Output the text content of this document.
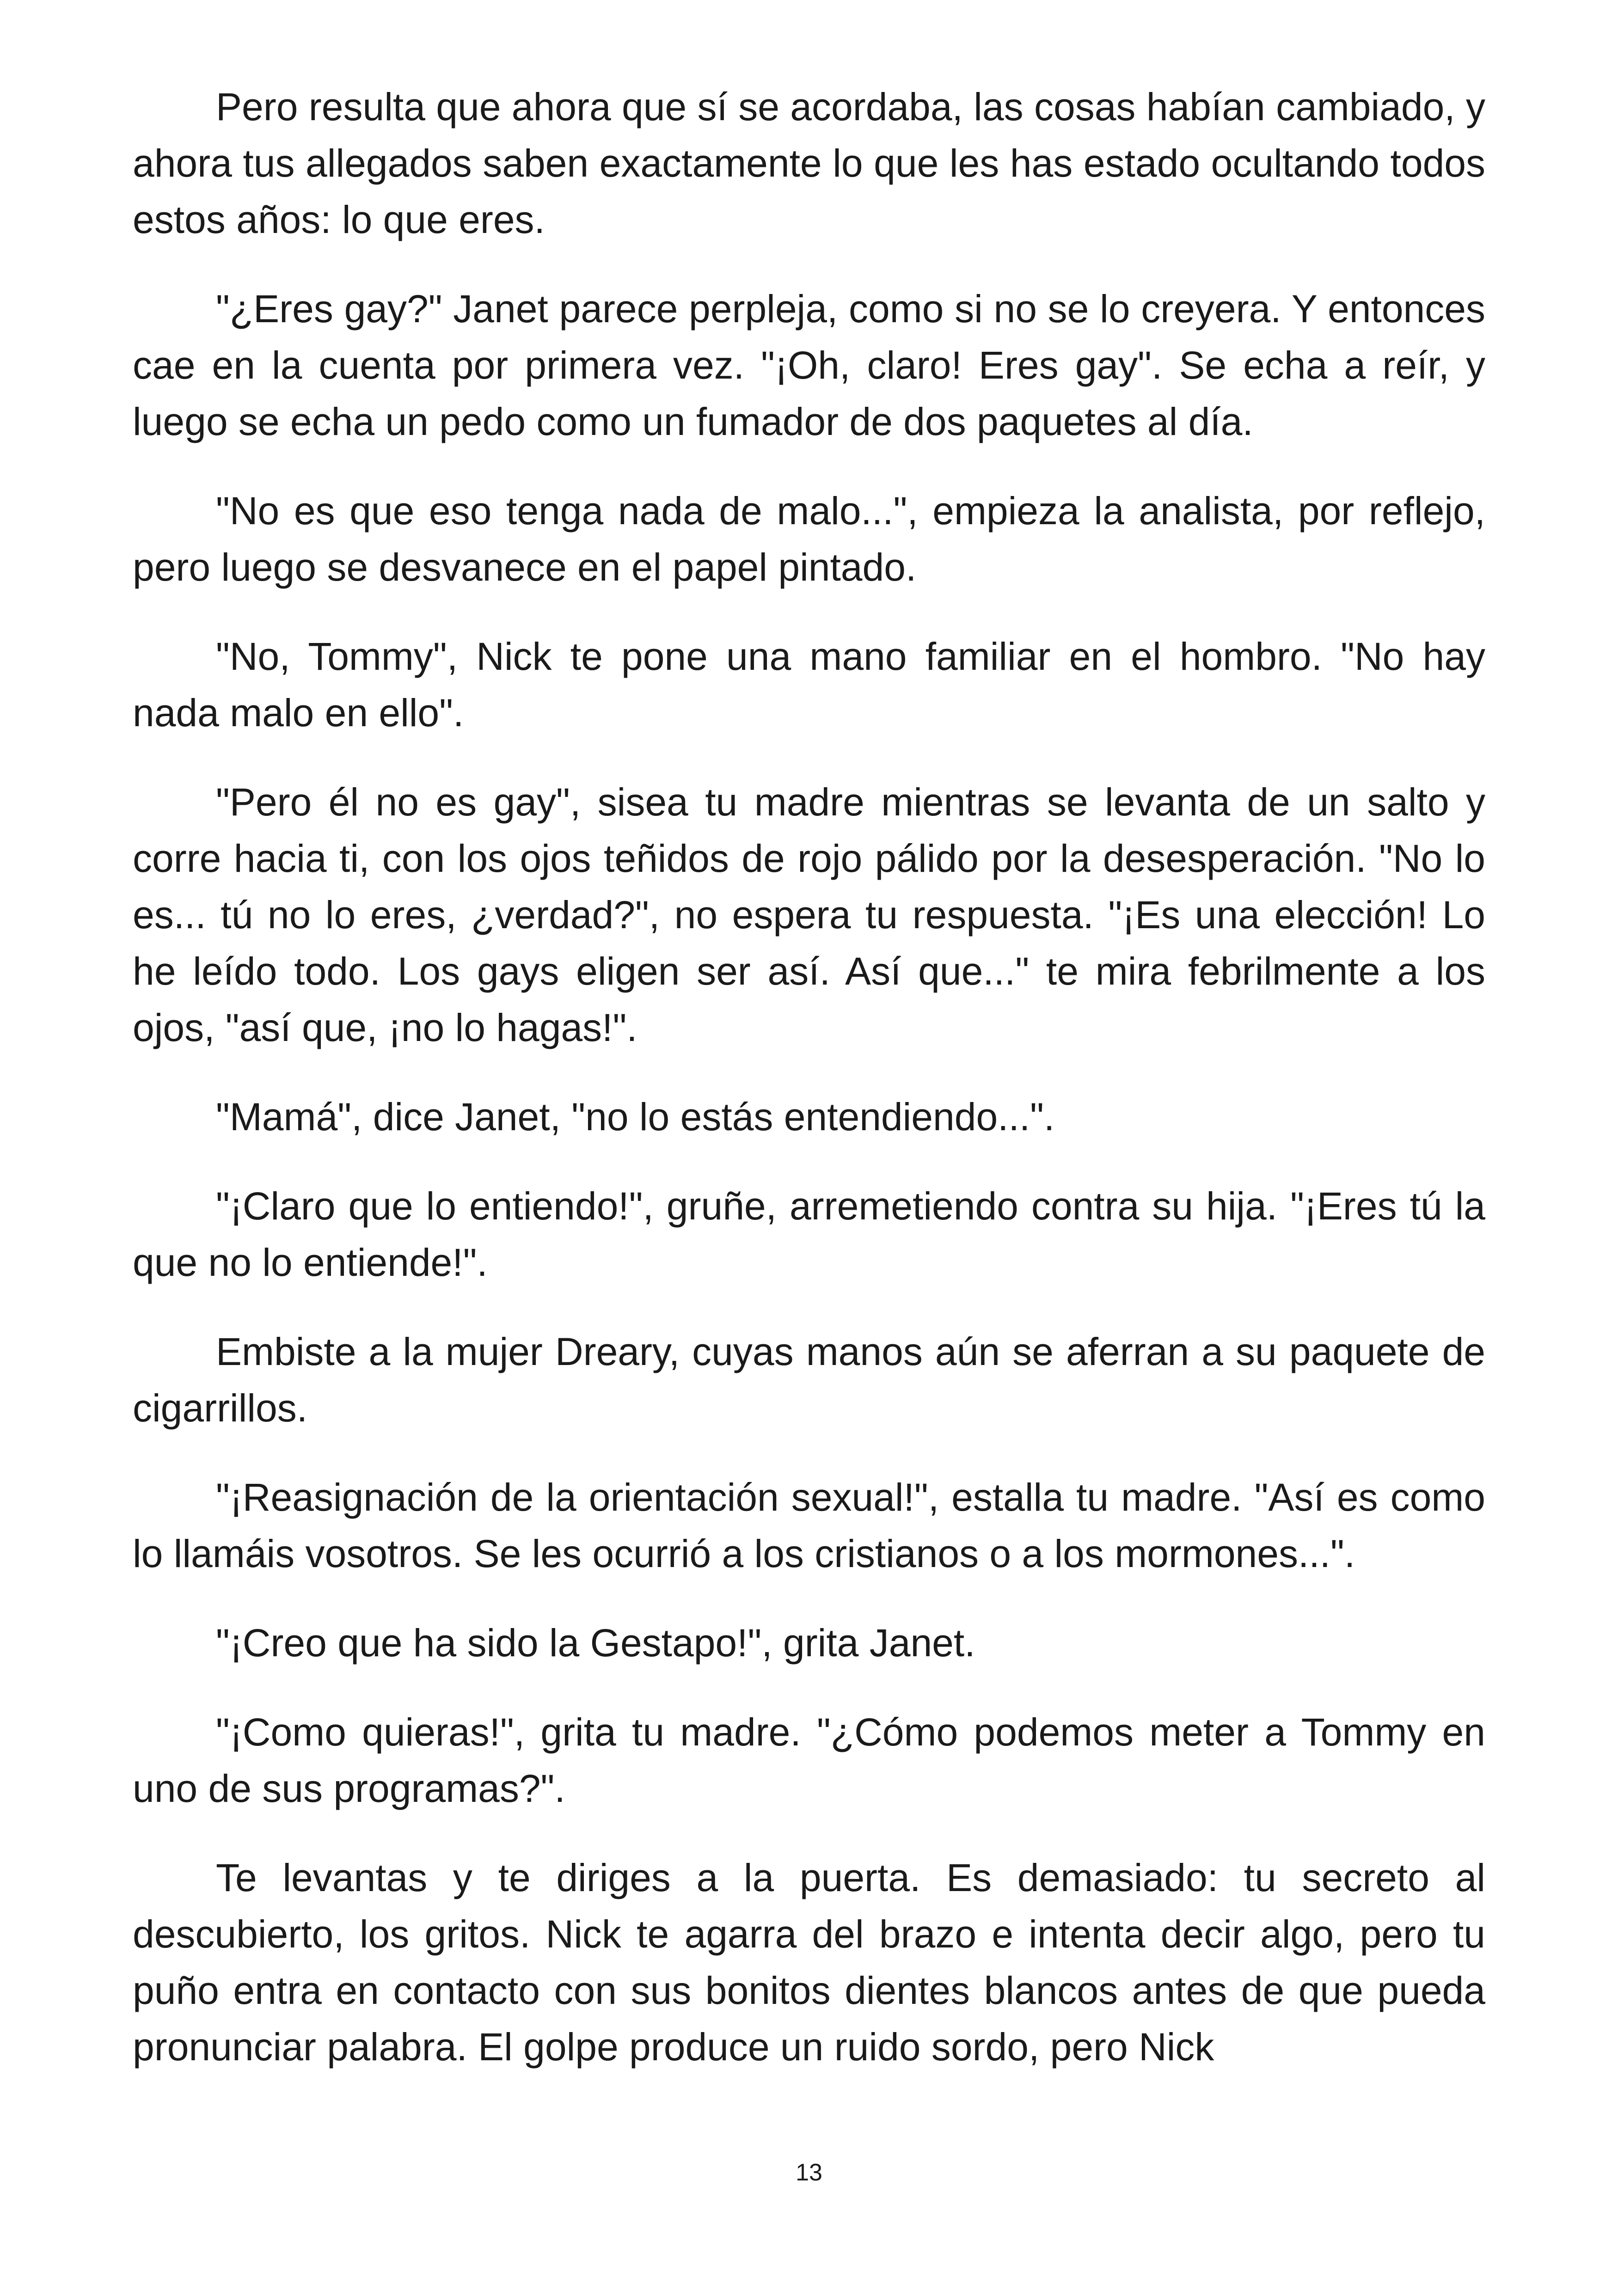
Pero resulta que ahora que sí se acordaba, las cosas habían cambiado, y ahora tus allegados saben exactamente lo que les has estado ocultando todos estos años: lo que eres.

"¿Eres gay?" Janet parece perpleja, como si no se lo creyera. Y entonces cae en la cuenta por primera vez. "¡Oh, claro! Eres gay". Se echa a reír, y luego se echa un pedo como un fumador de dos paquetes al día.

"No es que eso tenga nada de malo...", empieza la analista, por reflejo, pero luego se desvanece en el papel pintado.

"No, Tommy", Nick te pone una mano familiar en el hombro. "No hay nada malo en ello".

"Pero él no es gay", sisea tu madre mientras se levanta de un salto y corre hacia ti, con los ojos teñidos de rojo pálido por la desesperación. "No lo es... tú no lo eres, ¿verdad?", no espera tu respuesta. "¡Es una elección! Lo he leído todo. Los gays eligen ser así. Así que..." te mira febrilmente a los ojos, "así que, ¡no lo hagas!".

"Mamá", dice Janet, "no lo estás entendiendo...".

"¡Claro que lo entiendo!", gruñe, arremetiendo contra su hija. "¡Eres tú la que no lo entiende!".

Embiste a la mujer Dreary, cuyas manos aún se aferran a su paquete de cigarrillos.

"¡Reasignación de la orientación sexual!", estalla tu madre. "Así es como lo llamáis vosotros. Se les ocurrió a los cristianos o a los mormones...".

"¡Creo que ha sido la Gestapo!", grita Janet.

"¡Como quieras!", grita tu madre. "¿Cómo podemos meter a Tommy en uno de sus programas?".

Te levantas y te diriges a la puerta. Es demasiado: tu secreto al descubierto, los gritos. Nick te agarra del brazo e intenta decir algo, pero tu puño entra en contacto con sus bonitos dientes blancos antes de que pueda pronunciar palabra. El golpe produce un ruido sordo, pero Nick

13
